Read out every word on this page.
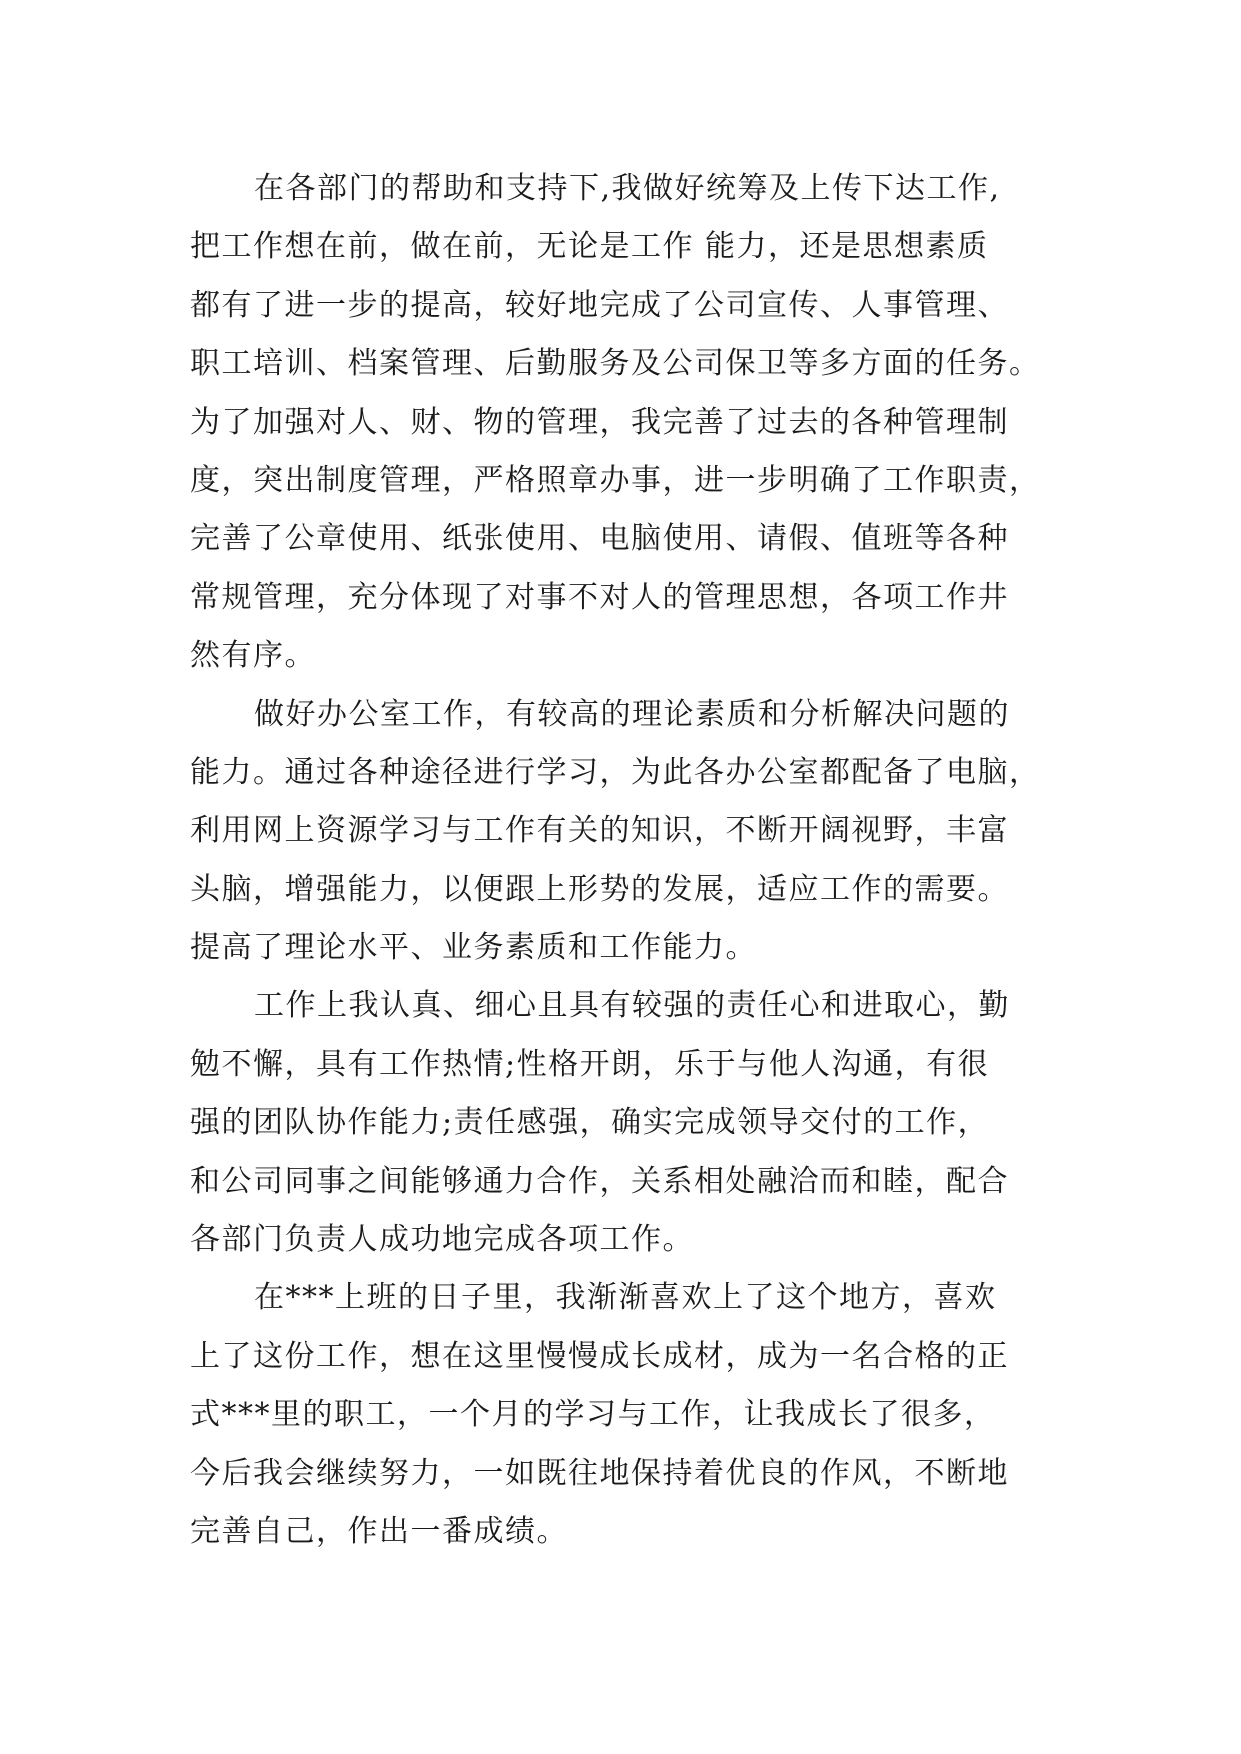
在各部门的帮助和支持下,我做好统筹及上传下达工作,
把工作想在前，做在前，无论是工作 能力，还是思想素质
都有了进一步的提高，较好地完成了公司宣传、人事管理、
职工培训、档案管理、后勤服务及公司保卫等多方面的任务。
为了加强对人、财、物的管理，我完善了过去的各种管理制
度，突出制度管理，严格照章办事，进一步明确了工作职责，
完善了公章使用、纸张使用、电脑使用、请假、值班等各种
常规管理，充分体现了对事不对人的管理思想，各项工作井
然有序。
做好办公室工作，有较高的理论素质和分析解决问题的
能力。通过各种途径进行学习，为此各办公室都配备了电脑，
利用网上资源学习与工作有关的知识，不断开阔视野，丰富
头脑，增强能力，以便跟上形势的发展，适应工作的需要。
提高了理论水平、业务素质和工作能力。
工作上我认真、细心且具有较强的责任心和进取心，勤
勉不懈，具有工作热情;性格开朗，乐于与他人沟通，有很
强的团队协作能力;责任感强，确实完成领导交付的工作，
和公司同事之间能够通力合作，关系相处融洽而和睦，配合
各部门负责人成功地完成各项工作。
在***上班的日子里，我渐渐喜欢上了这个地方，喜欢
上了这份工作，想在这里慢慢成长成材，成为一名合格的正
式***里的职工，一个月的学习与工作，让我成长了很多，
今后我会继续努力，一如既往地保持着优良的作风，不断地
完善自己，作出一番成绩。
